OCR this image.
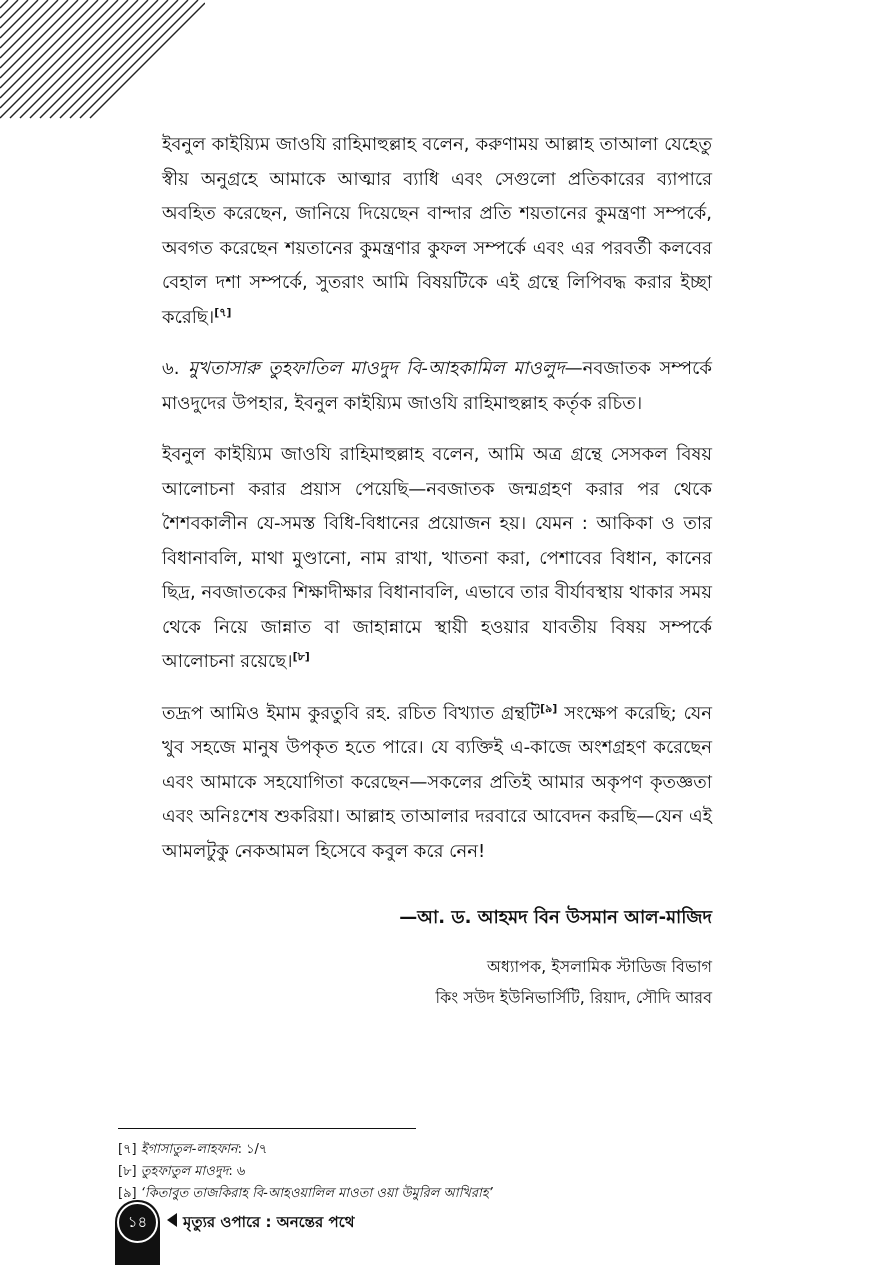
ইবনুল কাইয়্যিম জাওযি রাহিমাহুল্লাহ বলেন, করুণাময় আল্লাহ তাআলা যেহেতু স্বীয় অনুগ্রহে আমাকে আত্মার ব্যাধি এবং সেগুলো প্রতিকারের ব্যাপারে অবহিত করেছেন, জানিয়ে দিয়েছেন বান্দার প্রতি শয়তানের কুমন্ত্রণা সম্পর্কে, অবগত করেছেন শয়তানের কুমন্ত্রণার কুফল সম্পর্কে এবং এর পরবর্তী কলবের বেহাল দশা সম্পর্কে, সুতরাং আমি বিষয়টিকে এই গ্রন্থে লিপিবদ্ধ করার ইচ্ছা করেছি।[৭]

৬. মুখতাসারু তুহফাতিল মাওদুদ বি-আহকামিল মাওলুদ—নবজাতক সম্পর্কে মাওদুদের উপহার, ইবনুল কাইয়্যিম জাওযি রাহিমাহুল্লাহ কর্তৃক রচিত।

ইবনুল কাইয়্যিম জাওযি রাহিমাহুল্লাহ বলেন, আমি অত্র গ্রন্থে সেসকল বিষয় আলোচনা করার প্রয়াস পেয়েছি—নবজাতক জন্মগ্রহণ করার পর থেকে শৈশবকালীন যে-সমস্ত বিধি-বিধানের প্রয়োজন হয়। যেমন : আকিকা ও তার বিধানাবলি, মাথা মুণ্ডানো, নাম রাখা, খাতনা করা, পেশাবের বিধান, কানের ছিদ্র, নবজাতকের শিক্ষাদীক্ষার বিধানাবলি, এভাবে তার বীর্যাবস্থায় থাকার সময় থেকে নিয়ে জান্নাত বা জাহান্নামে স্থায়ী হওয়ার যাবতীয় বিষয় সম্পর্কে আলোচনা রয়েছে।[৮]

তদ্রূপ আমিও ইমাম কুরতুবি রহ. রচিত বিখ্যাত গ্রন্থটি[৯] সংক্ষেপ করেছি; যেন খুব সহজে মানুষ উপকৃত হতে পারে। যে ব্যক্তিই এ-কাজে অংশগ্রহণ করেছেন এবং আমাকে সহযোগিতা করেছেন—সকলের প্রতিই আমার অকৃপণ কৃতজ্ঞতা এবং অনিঃশেষ শুকরিয়া। আল্লাহ তাআলার দরবারে আবেদন করছি—যেন এই আমলটুকু নেকআমল হিসেবে কবুল করে নেন!

—আ. ড. আহমদ বিন উসমান আল-মাজিদ
অধ্যাপক, ইসলামিক স্টাডিজ বিভাগ
কিং সউদ ইউনিভার্সিটি, রিয়াদ, সৌদি আরব
[৭] ইগাসাতুল-লাহফান: ১/৭
[৮] তুহফাতুল মাওদুদ: ৬
[৯] ‘কিতাবুত তাজকিরাহ বি-আহওয়ালিল মাওতা ওয়া উমুরিল আখিরাহ’
১৪	মৃত্যুর ওপারে : অনন্তের পথে
